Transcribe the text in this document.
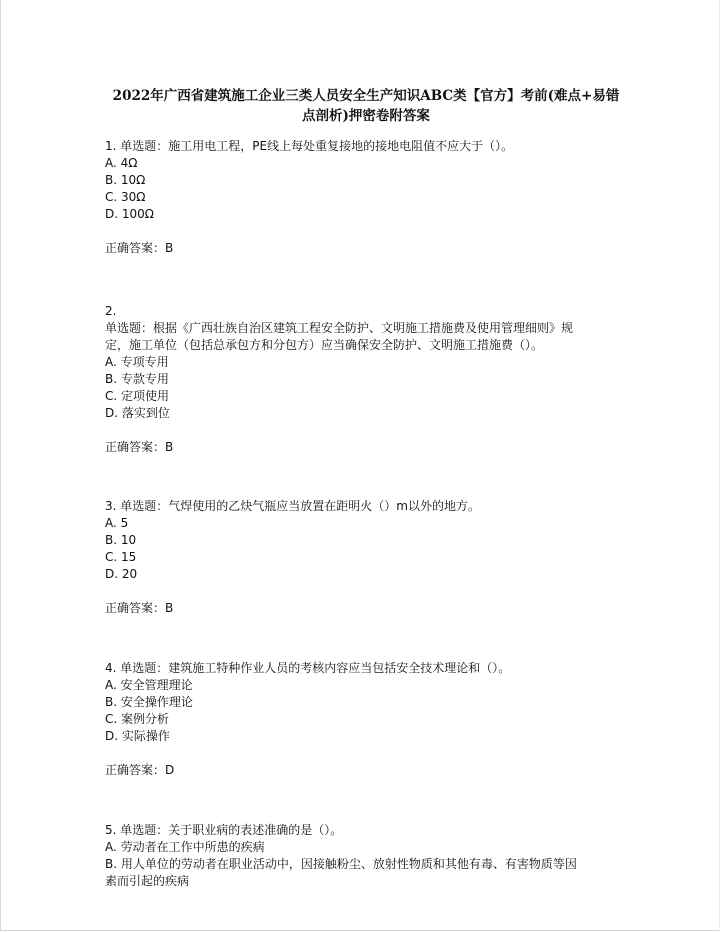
2022年广西省建筑施工企业三类人员安全生产知识ABC类【官方】考前(难点+易错
点剖析)押密卷附答案
1. 单选题：施工用电工程，PE线上每处重复接地的接地电阻值不应大于（）。
A. 4Ω
B. 10Ω
C. 30Ω
D. 100Ω
正确答案：B
2.
单选题：根据《广西壮族自治区建筑工程安全防护、文明施工措施费及使用管理细则》规
定，施工单位（包括总承包方和分包方）应当确保安全防护、文明施工措施费（）。
A. 专项专用
B. 专款专用
C. 定项使用
D. 落实到位
正确答案：B
3. 单选题：气焊使用的乙炔气瓶应当放置在距明火（）m以外的地方。
A. 5
B. 10
C. 15
D. 20
正确答案：B
4. 单选题：建筑施工特种作业人员的考核内容应当包括安全技术理论和（）。
A. 安全管理理论
B. 安全操作理论
C. 案例分析
D. 实际操作
正确答案：D
5. 单选题：关于职业病的表述准确的是（）。
A. 劳动者在工作中所患的疾病
B. 用人单位的劳动者在职业活动中，因接触粉尘、放射性物质和其他有毒、有害物质等因
素而引起的疾病
